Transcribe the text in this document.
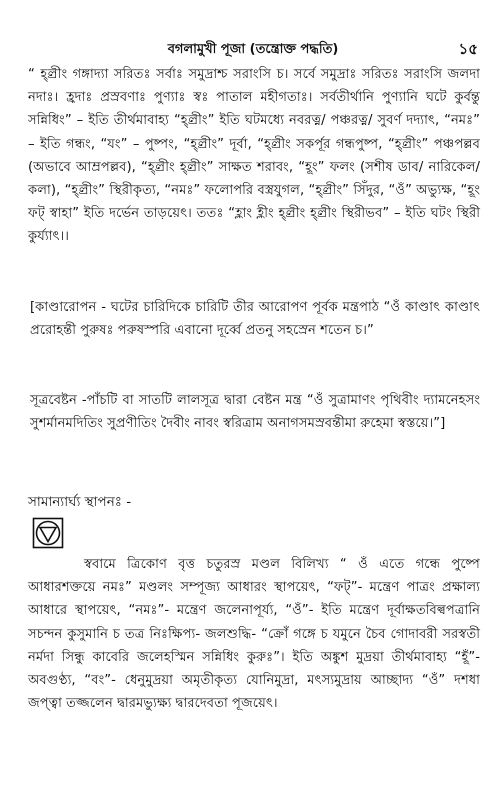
বগলামুখী পূজা (তন্ত্রোক্ত পদ্ধতি)	১৫

“ হ্ল্রীং গঙ্গাদ্যা সরিতঃ সর্বাঃ সমুদ্রাশ্চ সরাংসি চ। সর্বে সমুদ্রাঃ সরিতঃ সরাংসি জলদা নদাঃ। হ্রদাঃ প্রস্রবণাঃ পুণ্যাঃ স্বঃ পাতাল মহীগতাঃ। সর্বতীর্থানি পুণ্যানি ঘটে কুর্বন্তু সন্নিধিং” – ইতি তীর্থমাবাহ্য “হ্ল্রীং” ইতি ঘটমধ্যে নবরত্ন/ পঞ্চরত্ন/ সুবর্ণ দদ্যাৎ, “নমঃ” – ইতি গন্ধং, “যং” – পুষ্পং, “হ্ল্রীং” দূর্বা, “হ্ল্রীং সকর্পূর গন্ধপুষ্প, “হ্ল্রীং” পঞ্চপল্লব (অভাবে আম্রপল্লব), “হ্ল্রীং হ্ল্রীং” সাক্ষত শরাবং, “হূং” ফলং (সশীষ ডাব/ নারিকেল/ কলা), “হ্ল্রীং” স্থিরীকৃত্য, “নমঃ” ফলোপরি বস্ত্রযুগল, “হ্ল্রীং” সিঁদুর, “ওঁ” অভ্যুক্ষ, “হূং ফট্ স্বাহা” ইতি দর্ভেন তাড়য়েৎ। ততঃ “হ্লাং হ্লীং হ্ল্রীং হ্ল্রীং স্থিরীভব” – ইতি ঘটং স্থিরী কুর্য্যাৎ।।

[কাণ্ডারোপন - ঘটের চারিদিকে চারিটি তীর আরোপণ পূর্বক মন্ত্রপাঠ “ওঁ কাণ্ডাৎ কাণ্ডাৎ প্ররোহন্তী পুরুষঃ পরুষস্পরি এবানো দূর্ব্বে প্রতনু সহস্রেন শতেন চ।”

সূত্রবেষ্টন -পাঁচটি বা সাতটি লালসূত্র দ্বারা বেষ্টন মন্ত্র “ওঁ সুত্রামাণং পৃথিবীং দ্যামনেহসং সুশর্মানমদিতিং সুপ্রণীতিং দৈবীং নাবং স্বরিত্রাম অনাগসমস্রবন্তীমা রুহেমা স্বস্তয়ে।”]

সামান্যার্ঘ্য স্থাপনঃ -

স্ববামে ত্রিকোণ বৃত্ত চতুরস্র মণ্ডল বিলিখ্য “ ওঁ এতে গন্ধে পুষ্পে আধারশক্তয়ে নমঃ” মণ্ডলং সম্পূজ্য আধারং স্থাপয়েৎ, “ফট্”- মন্ত্রেণ পাত্রং প্রক্ষাল্য আধারে স্থাপয়েৎ, “নমঃ”- মন্ত্রেণ জলেনাপূর্য্য, “ওঁ”- ইতি মন্ত্রেণ দূর্বাক্ষতবিল্বপত্রানি সচন্দন কুসুমানি চ তত্র নিঃক্ষিপ্য- জলশুদ্ধি- “ক্রোঁ গঙ্গে চ যমুনে চৈব গোদাবরী সরস্বতী নর্মদা সিন্ধু কাবেরি জলেহস্মিন সন্নিধিং কুরুঃ”। ইতি অঙ্কুশ মুদ্রয়া তীর্থমাবাহ্য “হূঁ”- অবগুণ্ঠ্য, “বং”- ধেনুমুদ্রয়া অমৃতীকৃত্য যোনিমুদ্রা, মৎস্যমুদ্রায় আচ্ছাদ্য “ওঁ” দশধা জপ্ত্বা তজ্জলেন দ্বারমভ্যুক্ষ্য দ্বারদেবতা পূজয়েৎ।
